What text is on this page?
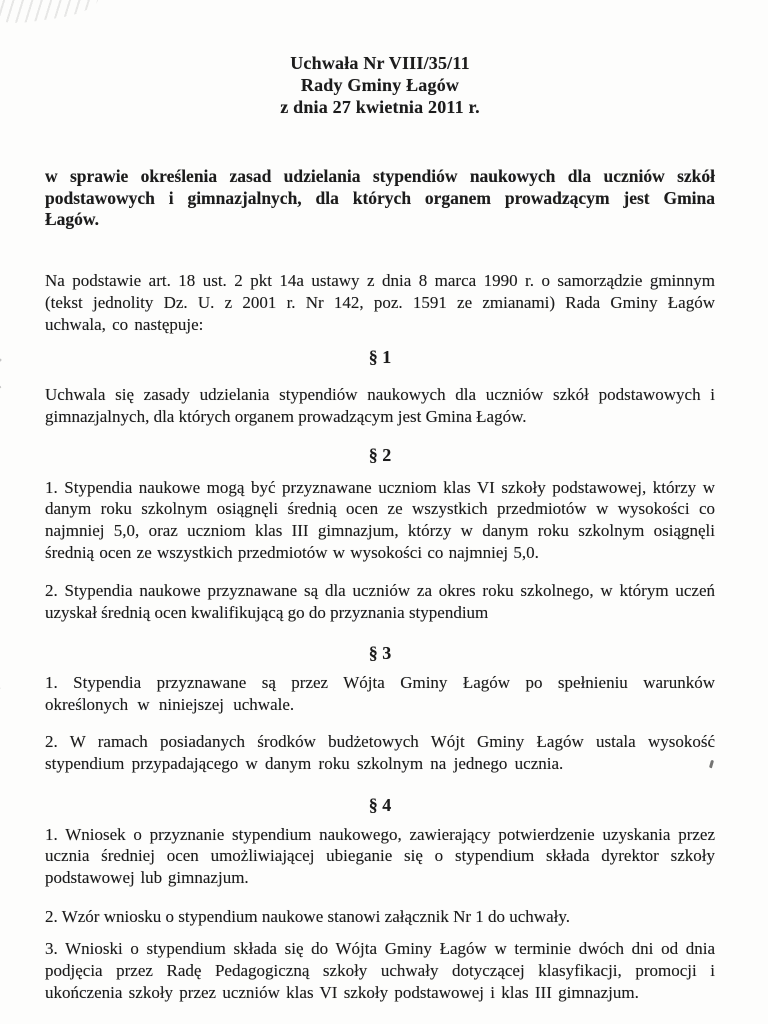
Uchwała Nr VIII/35/11
Rady Gminy Łagów
z dnia 27 kwietnia 2011 r.

w sprawie określenia zasad udzielania stypendiów naukowych dla uczniów szkół podstawowych i gimnazjalnych, dla których organem prowadzącym jest Gmina Łagów.

Na podstawie art. 18 ust. 2 pkt 14a ustawy z dnia 8 marca 1990 r. o samorządzie gminnym (tekst jednolity Dz. U. z 2001 r. Nr 142, poz. 1591 ze zmianami) Rada Gminy Łagów uchwala, co następuje:

§ 1

Uchwala się zasady udzielania stypendiów naukowych dla uczniów szkół podstawowych i gimnazjalnych, dla których organem prowadzącym jest Gmina Łagów.

§ 2

1. Stypendia naukowe mogą być przyznawane uczniom klas VI szkoły podstawowej, którzy w danym roku szkolnym osiągnęli średnią ocen ze wszystkich przedmiotów w wysokości co najmniej 5,0, oraz uczniom klas III gimnazjum, którzy w danym roku szkolnym osiągnęli średnią ocen ze wszystkich przedmiotów w wysokości co najmniej 5,0.

2. Stypendia naukowe przyznawane są dla uczniów za okres roku szkolnego, w którym uczeń uzyskał średnią ocen kwalifikującą go do przyznania stypendium

§ 3

1. Stypendia przyznawane są przez Wójta Gminy Łagów po spełnieniu warunków określonych w niniejszej uchwale.

2. W ramach posiadanych środków budżetowych Wójt Gminy Łagów ustala wysokość stypendium przypadającego w danym roku szkolnym na jednego ucznia.

§ 4

1. Wniosek o przyznanie stypendium naukowego, zawierający potwierdzenie uzyskania przez ucznia średniej ocen umożliwiającej ubieganie się o stypendium składa dyrektor szkoły podstawowej lub gimnazjum.

2. Wzór wniosku o stypendium naukowe stanowi załącznik Nr 1 do uchwały.

3. Wnioski o stypendium składa się do Wójta Gminy Łagów w terminie dwóch dni od dnia podjęcia przez Radę Pedagogiczną szkoły uchwały dotyczącej klasyfikacji, promocji i ukończenia szkoły przez uczniów klas VI szkoły podstawowej i klas III gimnazjum.
